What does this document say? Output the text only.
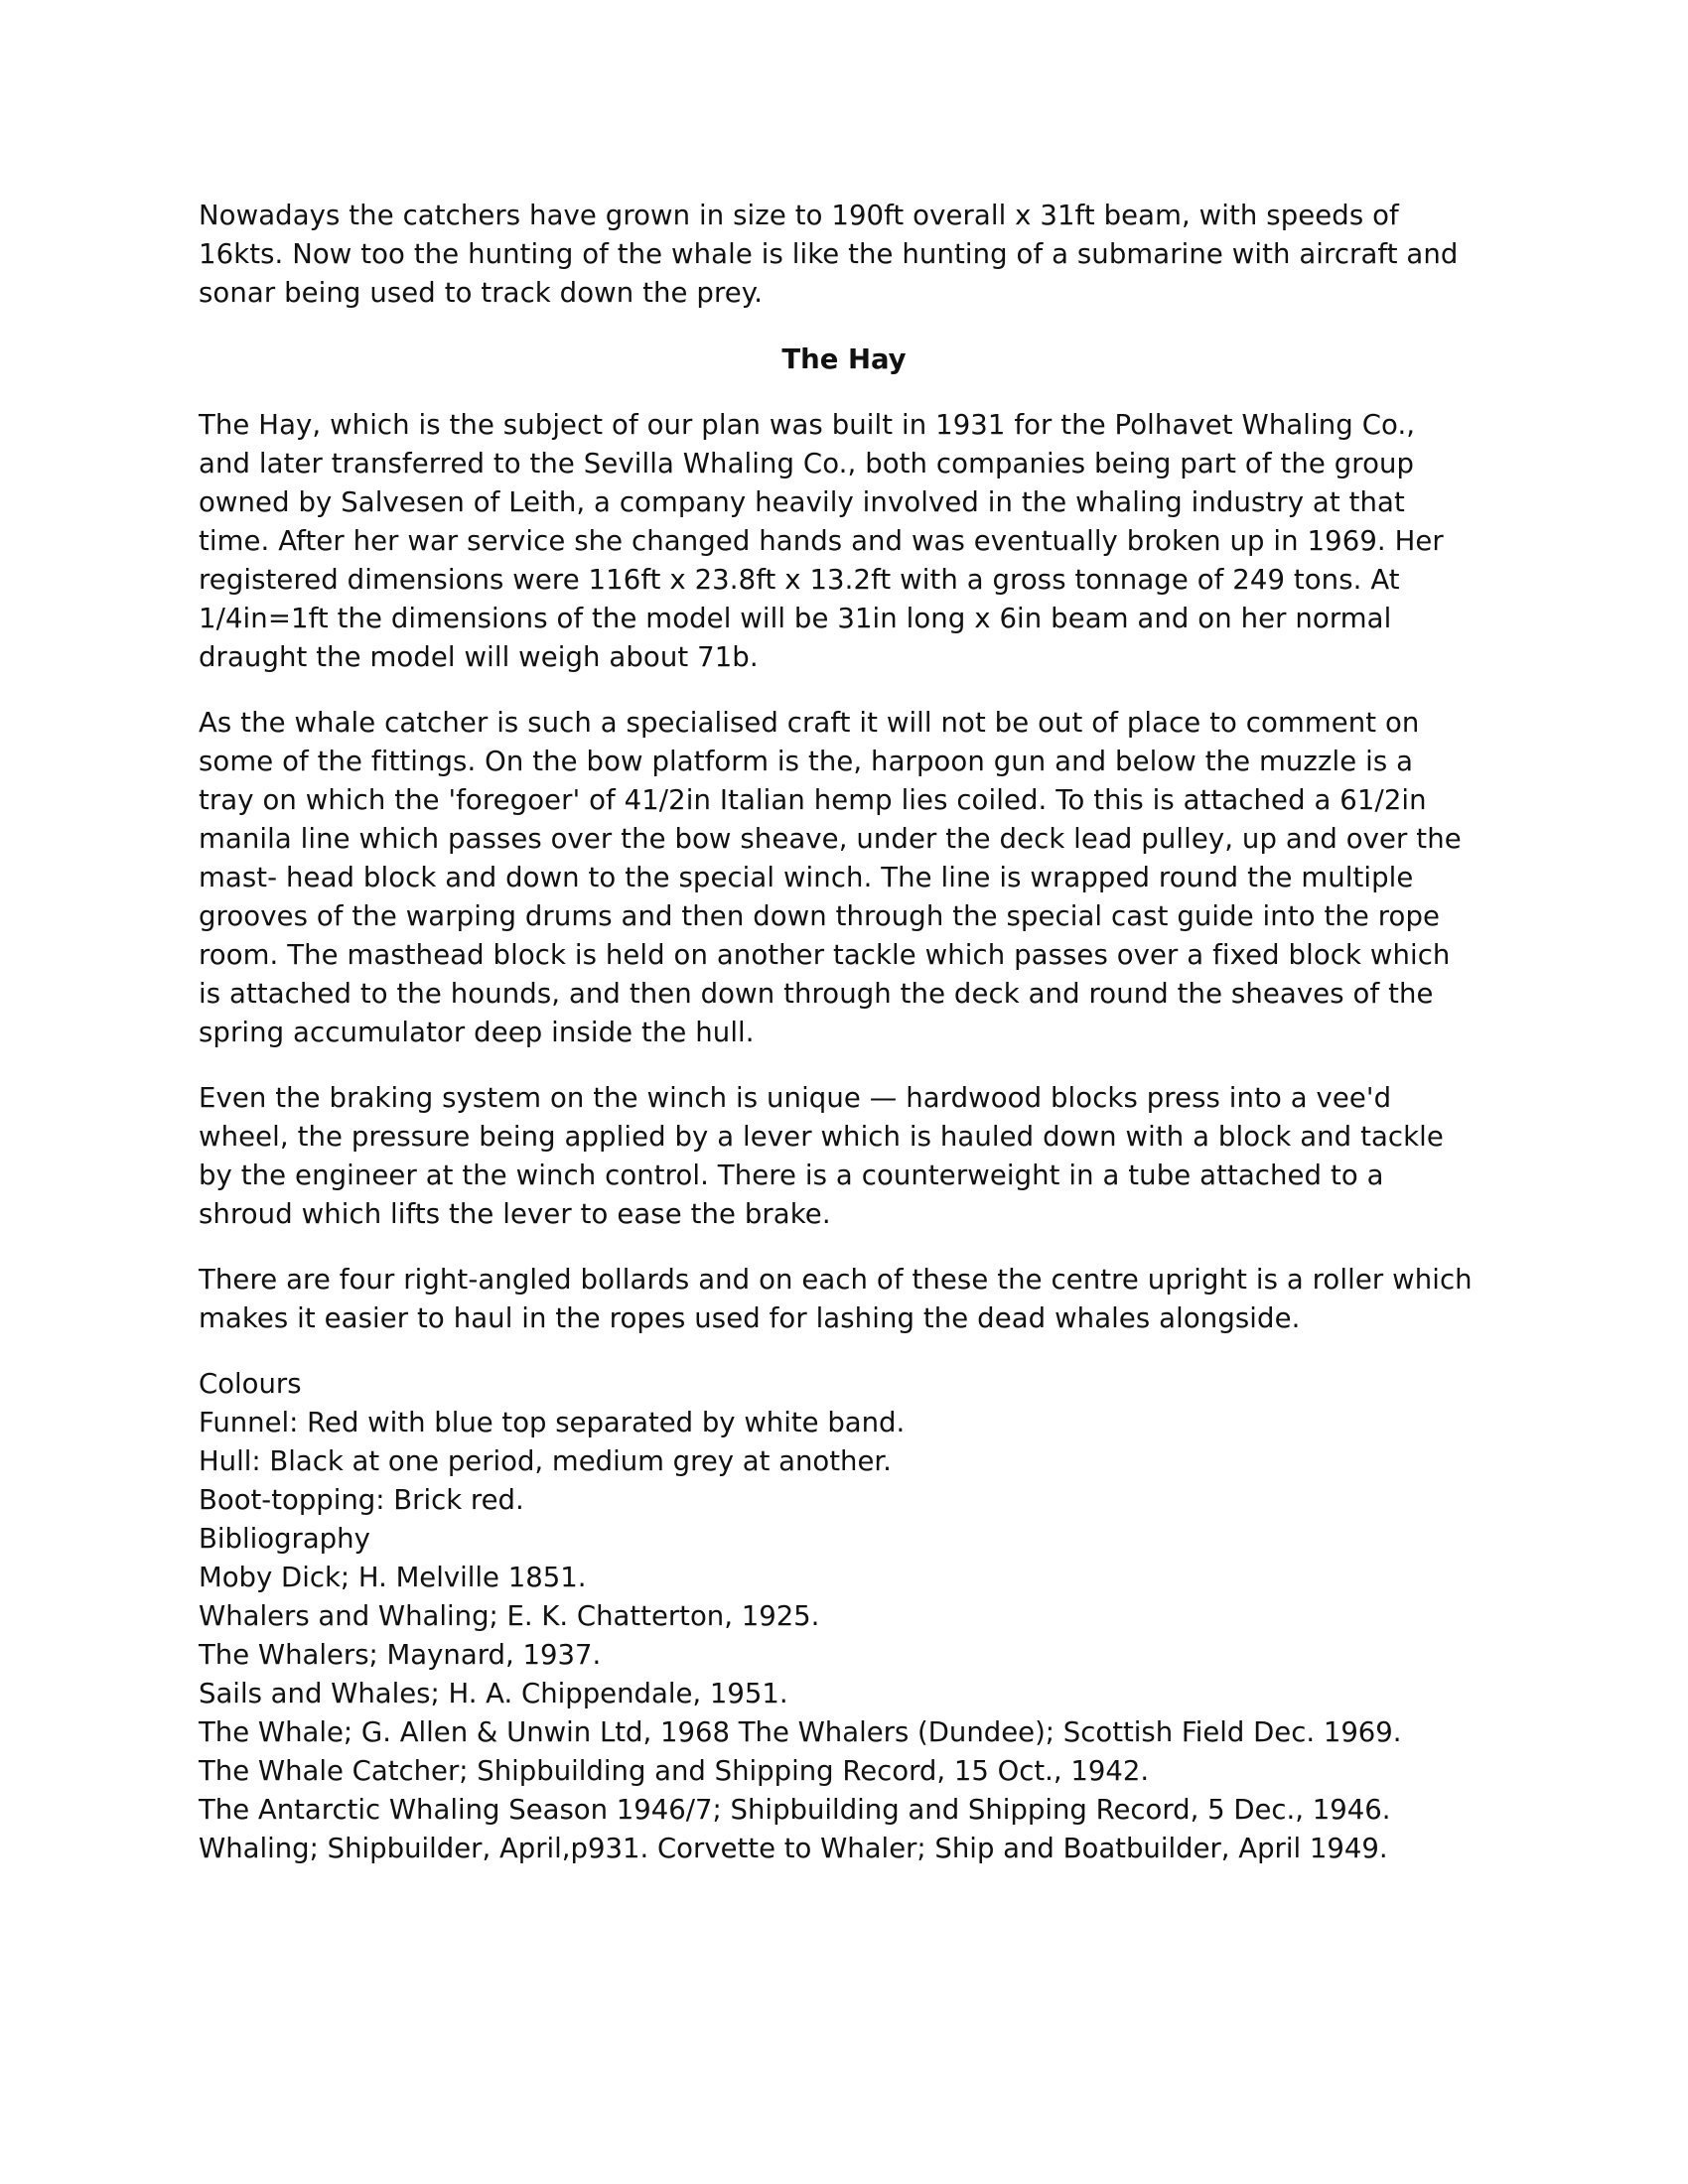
Nowadays the catchers have grown in size to 190ft overall x 31ft beam, with speeds of
16kts. Now too the hunting of the whale is like the hunting of a submarine with aircraft and
sonar being used to track down the prey.

The Hay

The Hay, which is the subject of our plan was built in 1931 for the Polhavet Whaling Co.,
and later transferred to the Sevilla Whaling Co., both companies being part of the group
owned by Salvesen of Leith, a company heavily involved in the whaling industry at that
time. After her war service she changed hands and was eventually broken up in 1969. Her
registered dimensions were 116ft x 23.8ft x 13.2ft with a gross tonnage of 249 tons. At
1/4in=1ft the dimensions of the model will be 31in long x 6in beam and on her normal
draught the model will weigh about 71b.

As the whale catcher is such a specialised craft it will not be out of place to comment on
some of the fittings. On the bow platform is the, harpoon gun and below the muzzle is a
tray on which the 'foregoer' of 41/2in Italian hemp lies coiled. To this is attached a 61/2in
manila line which passes over the bow sheave, under the deck lead pulley, up and over the
mast- head block and down to the special winch. The line is wrapped round the multiple
grooves of the warping drums and then down through the special cast guide into the rope
room. The masthead block is held on another tackle which passes over a fixed block which
is attached to the hounds, and then down through the deck and round the sheaves of the
spring accumulator deep inside the hull.

Even the braking system on the winch is unique — hardwood blocks press into a vee'd
wheel, the pressure being applied by a lever which is hauled down with a block and tackle
by the engineer at the winch control. There is a counterweight in a tube attached to a
shroud which lifts the lever to ease the brake.

There are four right-angled bollards and on each of these the centre upright is a roller which
makes it easier to haul in the ropes used for lashing the dead whales alongside.

Colours
Funnel: Red with blue top separated by white band.
Hull: Black at one period, medium grey at another.
Boot-topping: Brick red.
Bibliography
Moby Dick; H. Melville 1851.
Whalers and Whaling; E. K. Chatterton, 1925.
The Whalers; Maynard, 1937.
Sails and Whales; H. A. Chippendale, 1951.
The Whale; G. Allen & Unwin Ltd, 1968 The Whalers (Dundee); Scottish Field Dec. 1969.
The Whale Catcher; Shipbuilding and Shipping Record, 15 Oct., 1942.
The Antarctic Whaling Season 1946/7; Shipbuilding and Shipping Record, 5 Dec., 1946.
Whaling; Shipbuilder, April,p931. Corvette to Whaler; Ship and Boatbuilder, April 1949.
